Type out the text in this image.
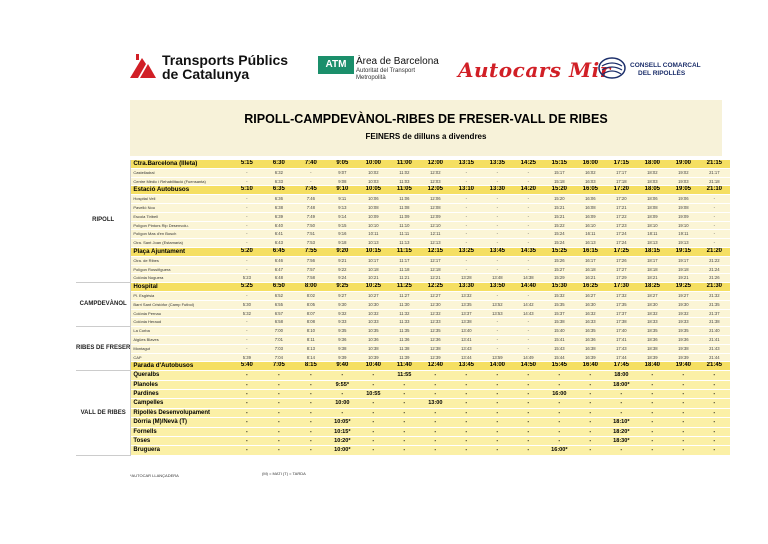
Transports Públics
de Catalunya
ATM Àrea de Barcelona
Autoritat del Transport Metropolità	Autocars Mir	CONSELL COMARCAL
DEL RIPOLLÈS
RIPOLL-CAMPDEVÀNOL-RIBES DE FRESER-VALL DE RIBES
FEINERS de dilluns a divendres
RIPOLL	Ctra.Barcelona (Illeta)	5:15	6:30	7:40	9:05	10:00	11:00	12:00	13:15	13:35	14:25	15:15	16:00	17:15	18:00	19:00	21:15
	Castelladral	-	6:32	-	9:07	10:02	11:02	12:02	-	-	-	15:17	16:02	17:17	18:02	19:02	21:17
	Centre Mèdic i Rehabilitació (Fuensanta)	-	6:33	-	9:08	10:03	11:03	12:03	-	-	-	15:18	16:03	17:18	18:03	19:03	21:18
	Estació Autobusos	5:10	6:35	7:45	9:10	10:05	11:05	12:05	13:10	13:30	14:20	15:20	16:05	17:20	18:05	19:05	21:10
	Hospital Vell	-	6:36	7:46	9:11	10:06	11:06	12:06	-	-	-	15:20	16:06	17:20	18:06	19:06	-
	Pavelló Nou	-	6:38	7:48	9:13	10:08	11:08	12:08	-	-	-	15:21	16:08	17:21	18:08	19:08	-
	Escola Tiribell	-	6:39	7:49	9:14	10:09	11:09	12:09	-	-	-	15:21	16:09	17:22	18:09	19:09	-
	Polígon Pintors Rip Desenvolu.	-	6:40	7:50	9:15	10:10	11:10	12:10	-	-	-	15:22	16:10	17:23	18:10	19:10	-
	Polígon Mas d'en Bosch	-	6:41	7:51	9:16	10:11	11:11	12:11	-	-	-	15:24	16:11	17:24	18:11	19:11	-
	Ctra. Sant Joan (Estamaria)	-	6:43	7:53	9:18	10:13	11:13	12:13	-	-	-	15:24	16:13	17:24	18:13	19:13	-
	Plaça Ajuntament	5:20	6:45	7:55	9:20	10:15	11:15	12:15	13:25	13:45	14:35	15:25	16:15	17:25	18:15	19:15	21:20
	Ctra. de Ribes	-	6:46	7:56	9:21	10:17	11:17	12:17	-	-	-	15:26	16:17	17:26	18:17	19:17	21:22
	Polígon Rossiñguera	-	6:47	7:57	9:22	10:18	11:18	12:18	-	-	-	15:27	16:18	17:27	18:18	19:18	21:24
	Colònia Noguera	5:23	6:48	7:58	9:24	10:21	11:21	12:21	13:28	13:48	14:38	15:29	16:21	17:29	18:21	19:21	21:26
CAMPDEVÀNOL	Hospital	5:25	6:50	8:00	9:25	10:25	11:25	12:25	13:30	13:50	14:40	15:30	16:25	17:30	18:25	19:25	21:30
	Pl. Església	-	6:52	8:02	9:27	10:27	11:27	12:27	13:32	-	-	15:32	16:27	17:32	18:27	19:27	21:32
	Barri Sant Cristòfor (Camp Futbol)	5:30	6:55	8:05	9:30	10:30	11:30	12:30	13:35	13:52	14:42	15:35	16:30	17:35	18:30	19:30	21:35
	Colònia Pernau	5:32	6:57	8:07	9:32	10:32	11:32	12:32	13:37	13:53	14:43	15:37	16:32	17:37	18:32	19:32	21:37
	Colònia Heraud	-	6:58	8:08	9:33	10:33	11:33	12:33	13:38	-	-	15:38	16:33	17:38	18:33	19:33	21:38
RIBES DE FRESER	La Corba	-	7:00	8:10	9:35	10:35	11:35	12:35	13:40	-	-	15:40	16:35	17:40	18:35	19:35	21:40
	Aigües Blaves	-	7:01	8:11	9:36	10:36	11:36	12:36	13:41	-	-	15:41	16:36	17:41	18:36	19:36	21:41
	Montagut	-	7:03	8:13	9:38	10:38	11:38	12:38	13:43	-	-	15:43	16:38	17:43	18:38	19:38	21:43
	CAP	5:39	7:04	8:14	9:39	10:39	11:39	12:39	13:44	13:59	14:49	15:44	16:39	17:44	18:39	19:39	21:44
	Parada d'Autobusos	5:40	7:05	8:15	9:40	10:40	11:40	12:40	13:45	14:00	14:50	15:45	16:40	17:45	18:40	19:40	21:45
VALL DE RIBES	Queralbs	-	-	-	-	-	11:55	-	-	-	-	-	-	18:00	-	-	-
	Planoles	-	-	-	9:55*	-	-	-	-	-	-	-	-	18:00*	-	-	-
	Pardines	-	-	-	-	10:55	-	-	-	-	-	16:00	-	-	-	-	-
	Campelles	-	-	-	10:00	-	-	13:00	-	-	-	-	-	-	-	-	-
	Ripollès Desenvolupament	-	-	-	-	-	-	-	-	-	-	-	-	-	-	-	-
	Dòrria (M)/Nevà (T)	-	-	-	10:05*	-	-	-	-	-	-	-	-	18:10*	-	-	-
	Fornells	-	-	-	10:15*	-	-	-	-	-	-	-	-	18:20*	-	-	-
	Toses	-	-	-	10:20*	-	-	-	-	-	-	-	-	18:30*	-	-	-
	Bruguera	-	-	-	10:00*	-	-	-	-	-	-	16:00*	-	-	-	-	-
*AUTOCAR LLANÇADERA	(M) = MATI (T) = TARDA
